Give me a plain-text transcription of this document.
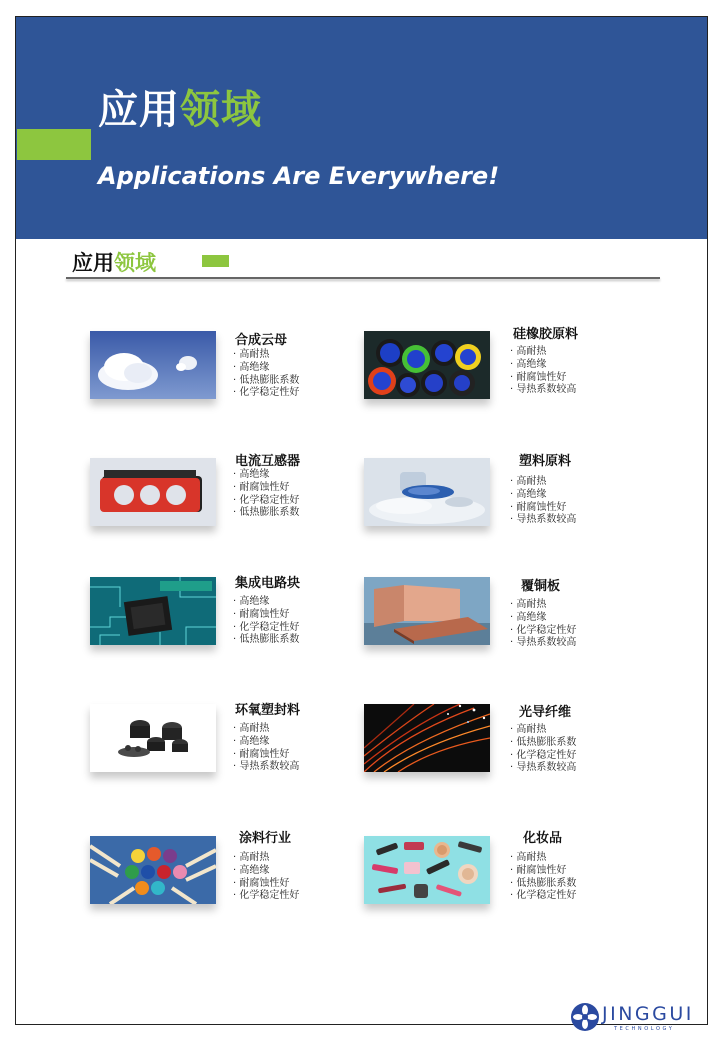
应用领域
Applications Are Everywhere!
应用领域
合成云母
· 高耐热
· 高绝缘
· 低热膨胀系数
· 化学稳定性好
硅橡胶原料
· 高耐热
· 高绝缘
· 耐腐蚀性好
· 导热系数较高
电流互感器
· 高绝缘
· 耐腐蚀性好
· 化学稳定性好
· 低热膨胀系数
塑料原料
· 高耐热
· 高绝缘
· 耐腐蚀性好
· 导热系数较高
集成电路块
· 高绝缘
· 耐腐蚀性好
· 化学稳定性好
· 低热膨胀系数
覆铜板
· 高耐热
· 高绝缘
· 化学稳定性好
· 导热系数较高
环氧塑封料
· 高耐热
· 高绝缘
· 耐腐蚀性好
· 导热系数较高
光导纤维
· 高耐热
· 低热膨胀系数
· 化学稳定性好
· 导热系数较高
涂料行业
· 高耐热
· 高绝缘
· 耐腐蚀性好
· 化学稳定性好
化妆品
· 高耐热
· 耐腐蚀性好
· 低热膨胀系数
· 化学稳定性好
JINGGUI
TECHNOLOGY
